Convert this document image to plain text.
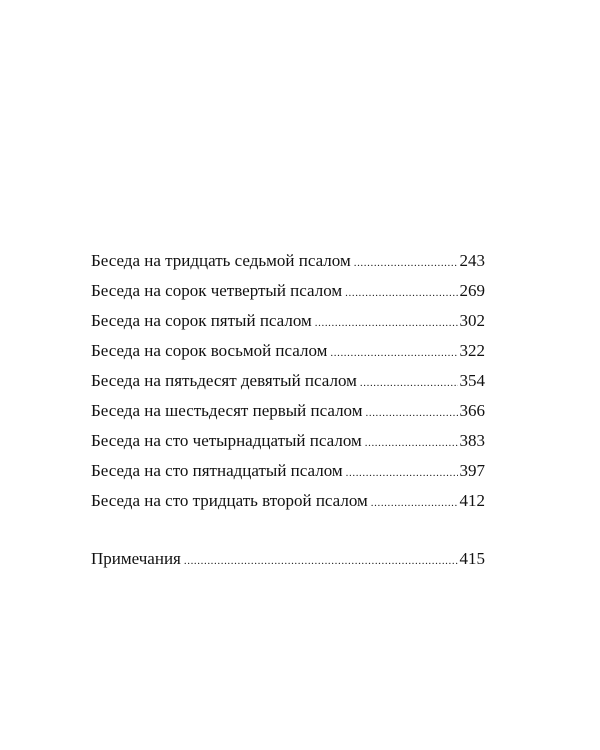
Беседа на тридцать седьмой псалом .....	243
Беседа на сорок четвертый псалом .....	269
Беседа на сорок пятый псалом .....	302
Беседа на сорок восьмой псалом .....	322
Беседа на пятьдесят девятый псалом .....	354
Беседа на шестьдесят первый псалом .....	366
Беседа на сто четырнадцатый псалом .....	383
Беседа на сто пятнадцатый псалом .....	397
Беседа на сто тридцать второй псалом .....	412
Примечания .....	415
